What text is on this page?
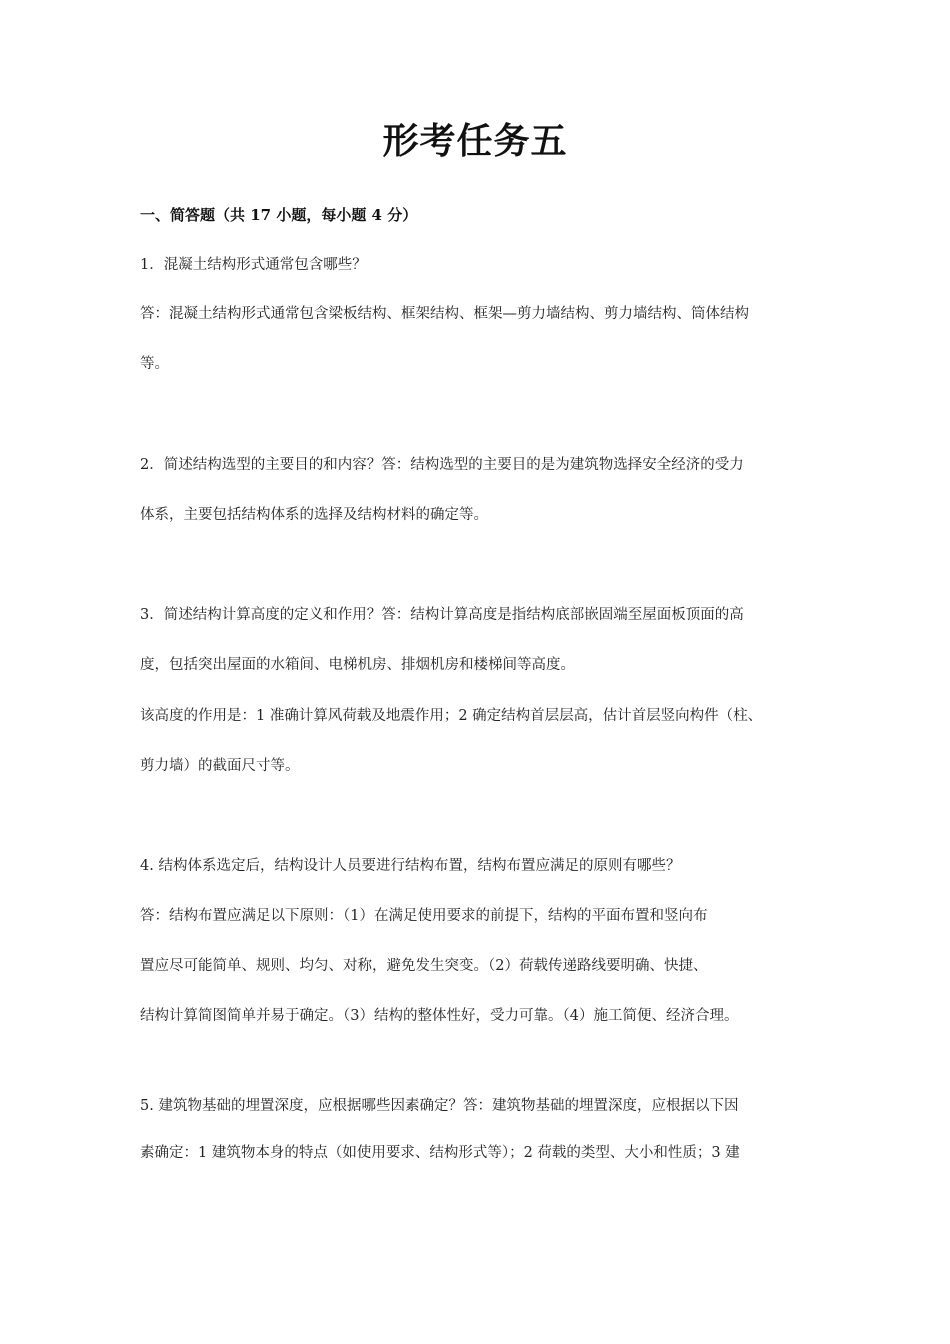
形考任务五
一、简答题（共 17 小题，每小题 4 分）
1．混凝土结构形式通常包含哪些？
答：混凝土结构形式通常包含梁板结构、框架结构、框架—剪力墙结构、剪力墙结构、筒体结构
等。
2．简述结构选型的主要目的和内容？答：结构选型的主要目的是为建筑物选择安全经济的受力
体系，主要包括结构体系的选择及结构材料的确定等。
3．简述结构计算高度的定义和作用？答：结构计算高度是指结构底部嵌固端至屋面板顶面的高
度，包括突出屋面的水箱间、电梯机房、排烟机房和楼梯间等高度。
该高度的作用是：1 准确计算风荷载及地震作用；2 确定结构首层层高，估计首层竖向构件（柱、
剪力墙）的截面尺寸等。
4. 结构体系选定后，结构设计人员要进行结构布置，结构布置应满足的原则有哪些？
答：结构布置应满足以下原则：（1）在满足使用要求的前提下，结构的平面布置和竖向布
置应尽可能简单、规则、均匀、对称，避免发生突变。（2）荷载传递路线要明确、快捷、
结构计算简图简单并易于确定。（3）结构的整体性好，受力可靠。（4）施工简便、经济合理。
5. 建筑物基础的埋置深度，应根据哪些因素确定？答：建筑物基础的埋置深度，应根据以下因
素确定：1 建筑物本身的特点（如使用要求、结构形式等）；2 荷载的类型、大小和性质；3 建
